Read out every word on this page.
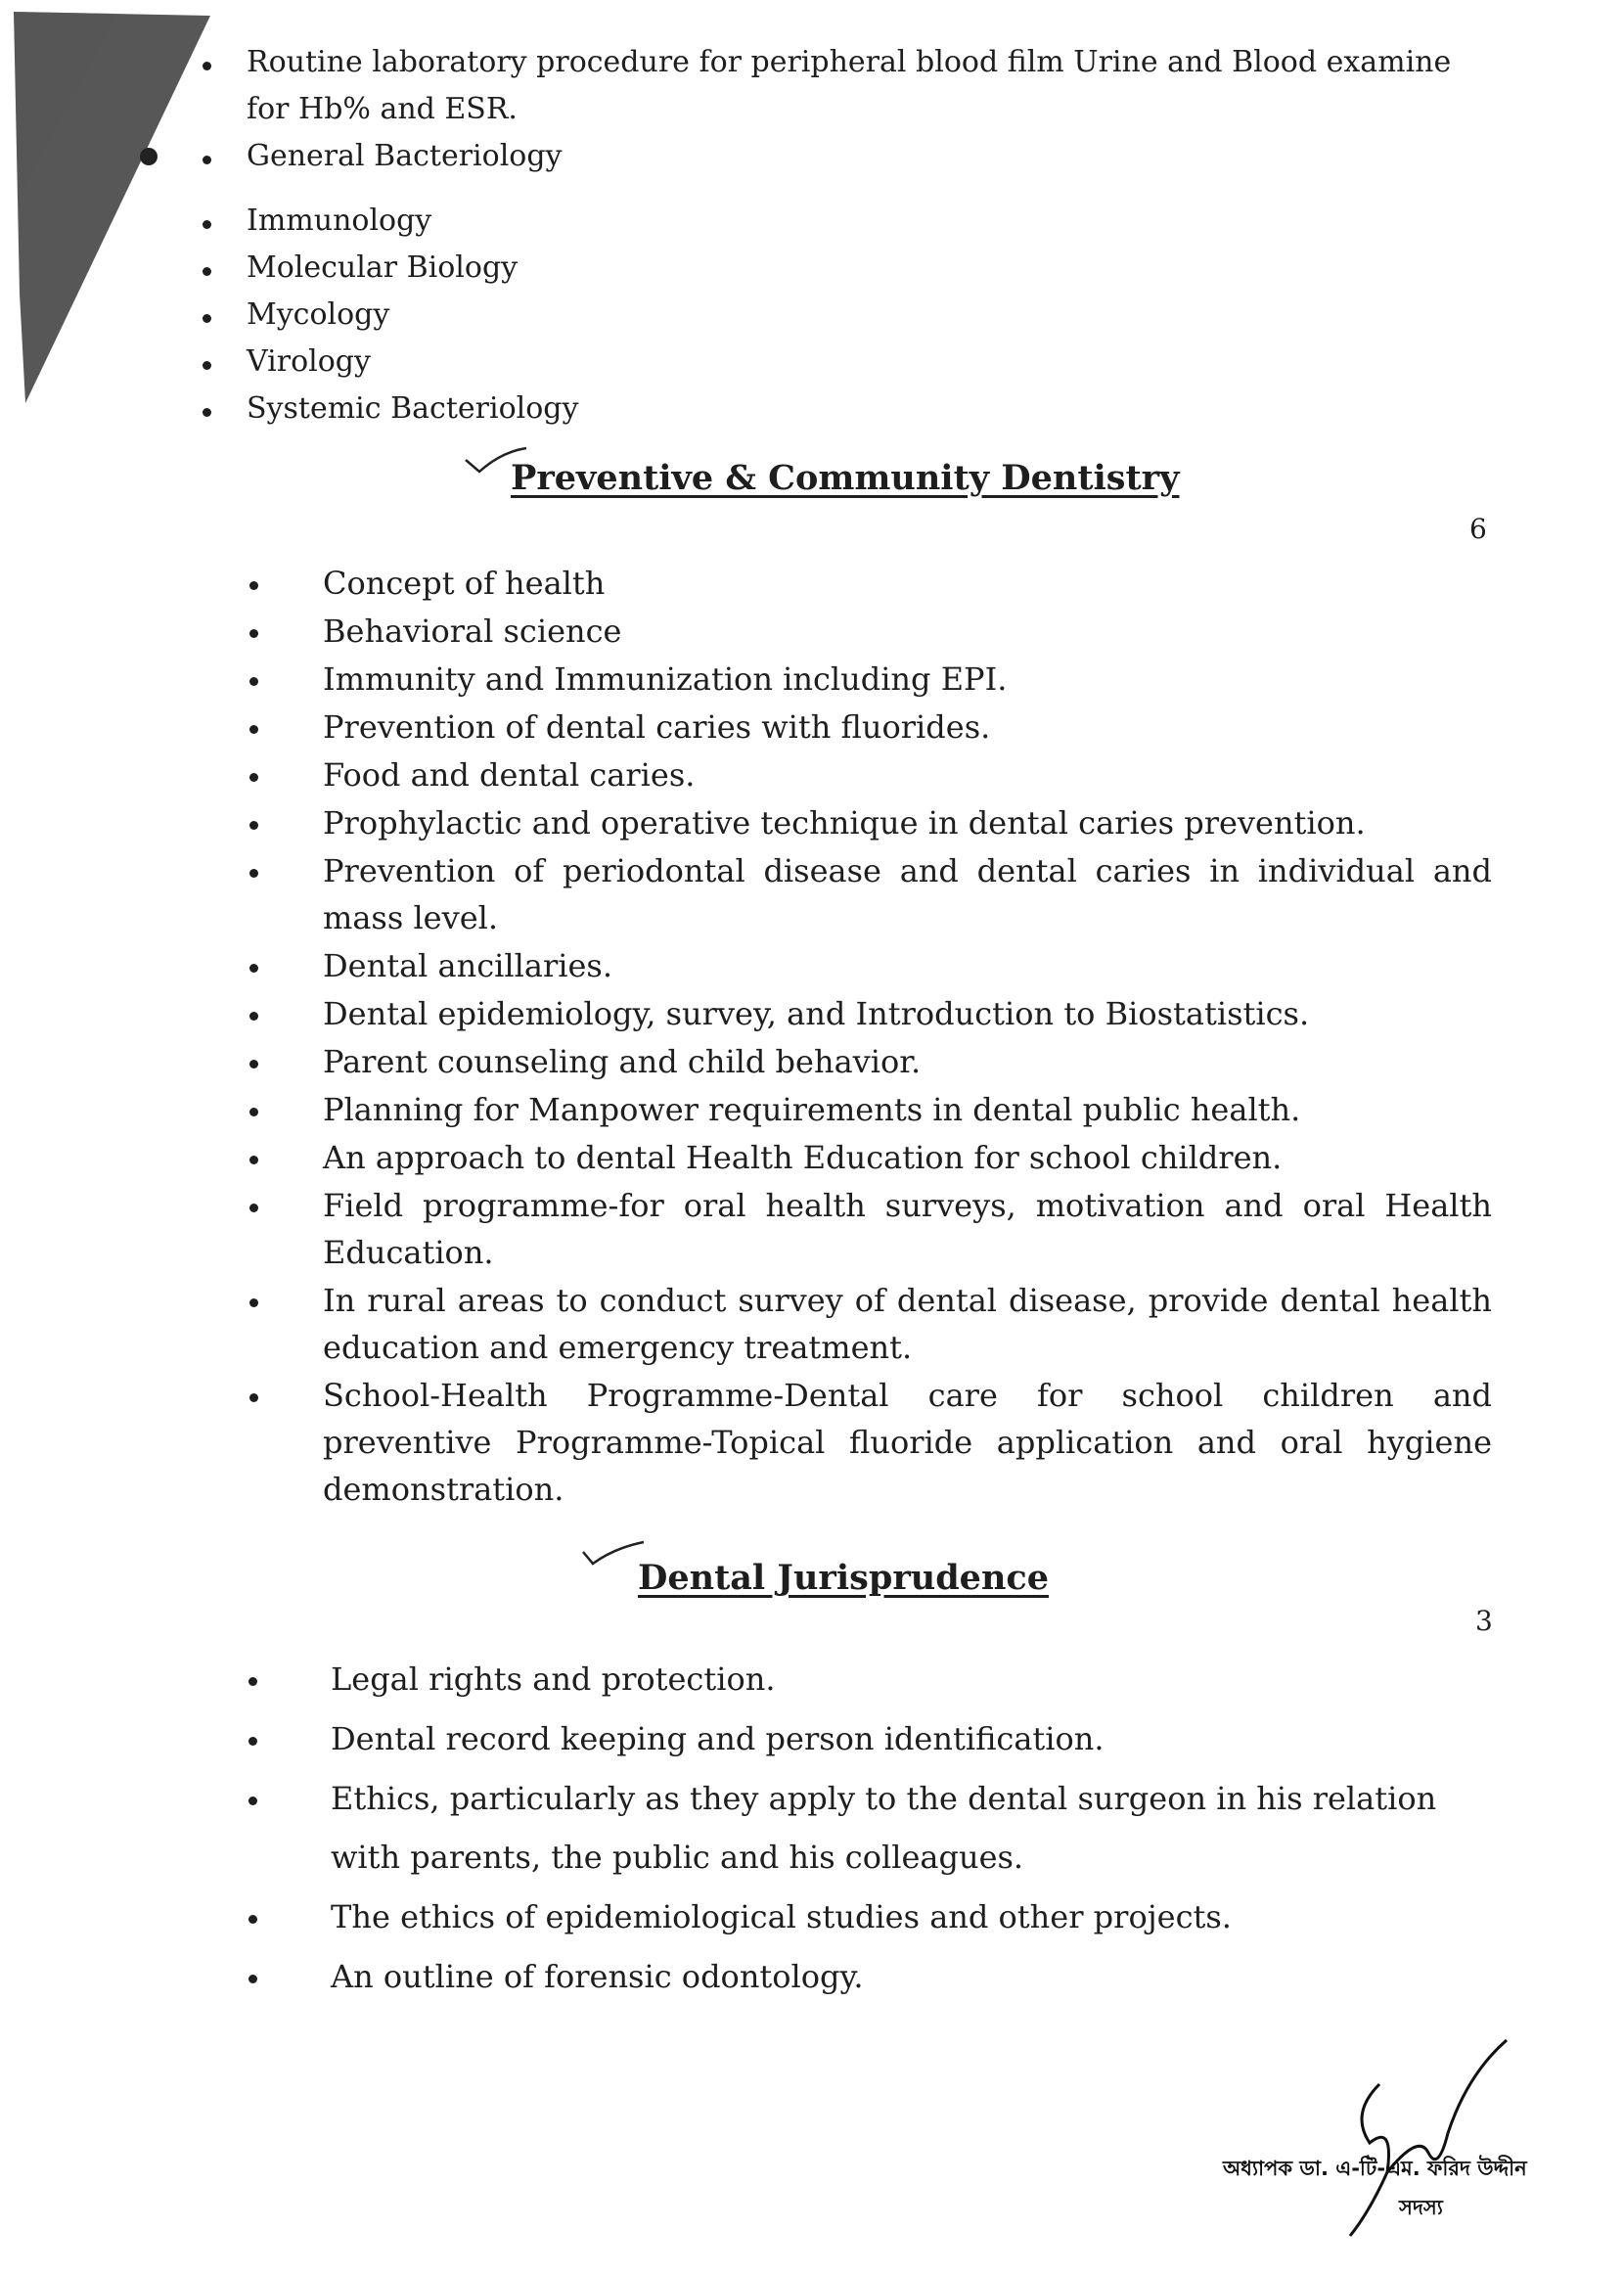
Routine laboratory procedure for peripheral blood film Urine and Blood examine for Hb% and ESR.
General Bacteriology
Immunology
Molecular Biology
Mycology
Virology
Systemic Bacteriology
Preventive & Community Dentistry
6
Concept of health
Behavioral science
Immunity and Immunization including EPI.
Prevention of dental caries with fluorides.
Food and dental caries.
Prophylactic and operative technique in dental caries prevention.
Prevention of periodontal disease and dental caries in individual and mass level.
Dental ancillaries.
Dental epidemiology, survey, and Introduction to Biostatistics.
Parent counseling and child behavior.
Planning for Manpower requirements in dental public health.
An approach to dental Health Education for school children.
Field programme-for oral health surveys, motivation and oral Health Education.
In rural areas to conduct survey of dental disease, provide dental health education and emergency treatment.
School-Health Programme-Dental care for school children and preventive Programme-Topical fluoride application and oral hygiene demonstration.
Dental Jurisprudence
3
Legal rights and protection.
Dental record keeping and person identification.
Ethics, particularly as they apply to the dental surgeon in his relation with parents, the public and his colleagues.
The ethics of epidemiological studies and other projects.
An outline of forensic odontology.
অধ্যাপক ডা. এ-টি-এম. ফরিদ উদ্দীন
সদস্য
